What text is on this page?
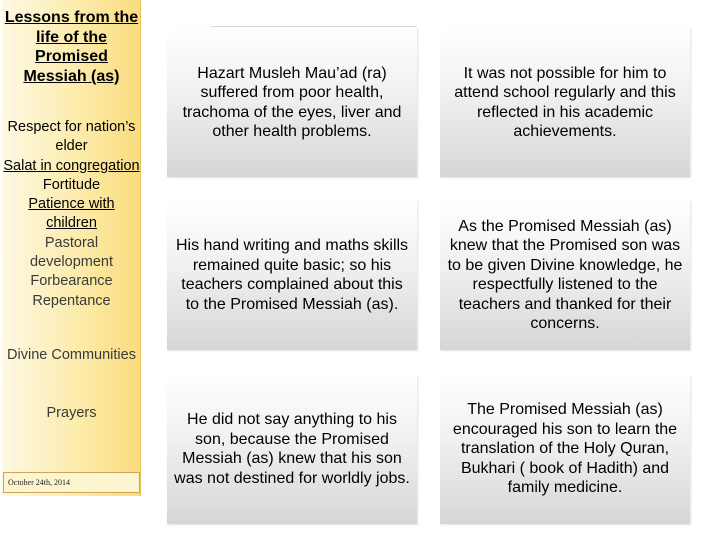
Lessons from the life of the Promised Messiah (as)
Respect for nation’s elder
Salat in congregation
Fortitude
Patience with children
Pastoral development
Forbearance
Repentance
Divine Communities
Prayers
October 24th, 2014
Hazart Musleh Mau’ad (ra) suffered from poor health, trachoma of the eyes, liver and other health problems.
It was not possible for him to attend school regularly and this reflected in his academic achievements.
His hand writing and maths skills remained quite basic; so his teachers complained about this to the Promised Messiah (as).
As the Promised Messiah (as) knew that the Promised son was to be given Divine knowledge, he respectfully listened to the teachers and thanked for their concerns.
He did not say anything to his son, because the Promised Messiah (as) knew that his son was not destined for worldly jobs.
The Promised Messiah (as) encouraged his son to learn the translation of the Holy Quran, Bukhari ( book of Hadith) and family medicine.
